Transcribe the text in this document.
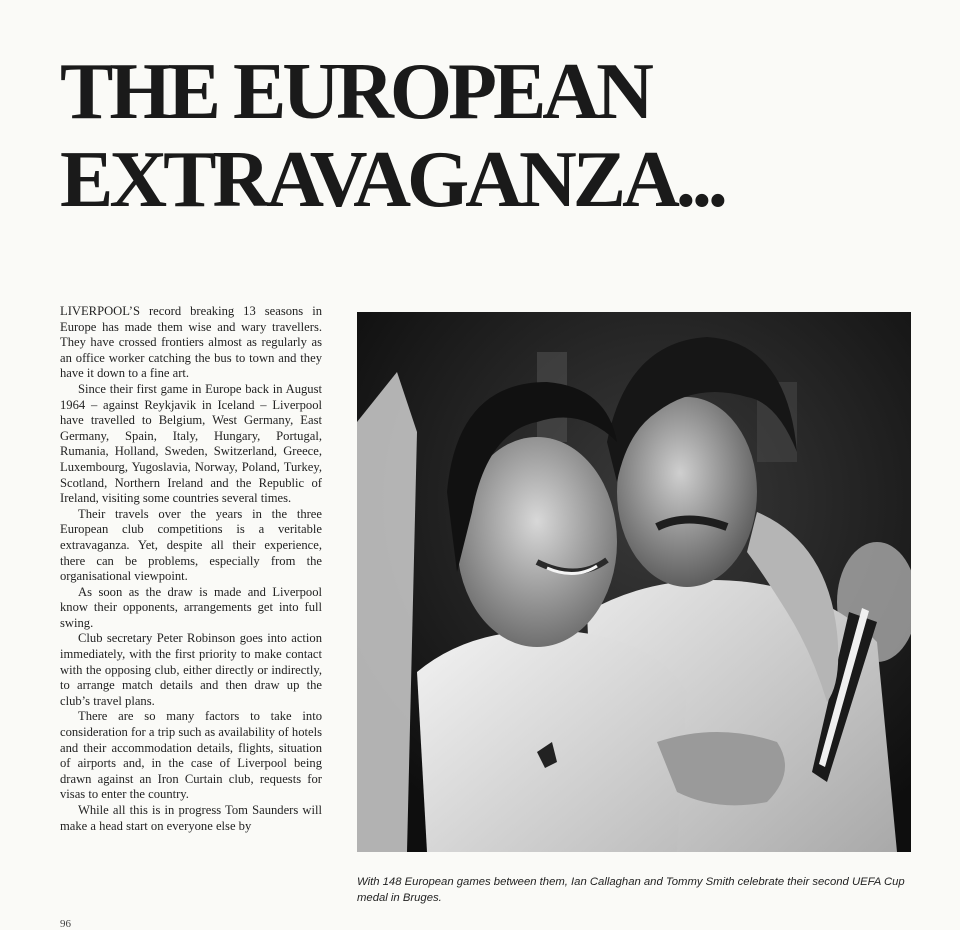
THE EUROPEAN
EXTRAVAGANZA...

LIVERPOOL’S record breaking 13 seasons in Europe has made them wise and wary travellers. They have crossed frontiers almost as regularly as an office worker catching the bus to town and they have it down to a fine art.

Since their first game in Europe back in August 1964 – against Reykjavik in Iceland – Liverpool have travelled to Belgium, West Germany, East Germany, Spain, Italy, Hungary, Portugal, Rumania, Holland, Sweden, Switzerland, Greece, Luxembourg, Yugoslavia, Norway, Poland, Turkey, Scotland, Northern Ireland and the Republic of Ireland, visiting some countries several times.

Their travels over the years in the three European club competitions is a veritable extravaganza. Yet, despite all their experience, there can be problems, especially from the organisational viewpoint.

As soon as the draw is made and Liverpool know their opponents, arrangements get into full swing.

Club secretary Peter Robinson goes into action immediately, with the first priority to make contact with the opposing club, either directly or indirectly, to arrange match details and then draw up the club’s travel plans.

There are so many factors to take into consideration for a trip such as availability of hotels and their accommodation details, flights, situation of airports and, in the case of Liverpool being drawn against an Iron Curtain club, requests for visas to enter the country.

While all this is in progress Tom Saunders will make a head start on everyone else by

With 148 European games between them, Ian Callaghan and Tommy Smith celebrate their second UEFA Cup medal in Bruges.
96
